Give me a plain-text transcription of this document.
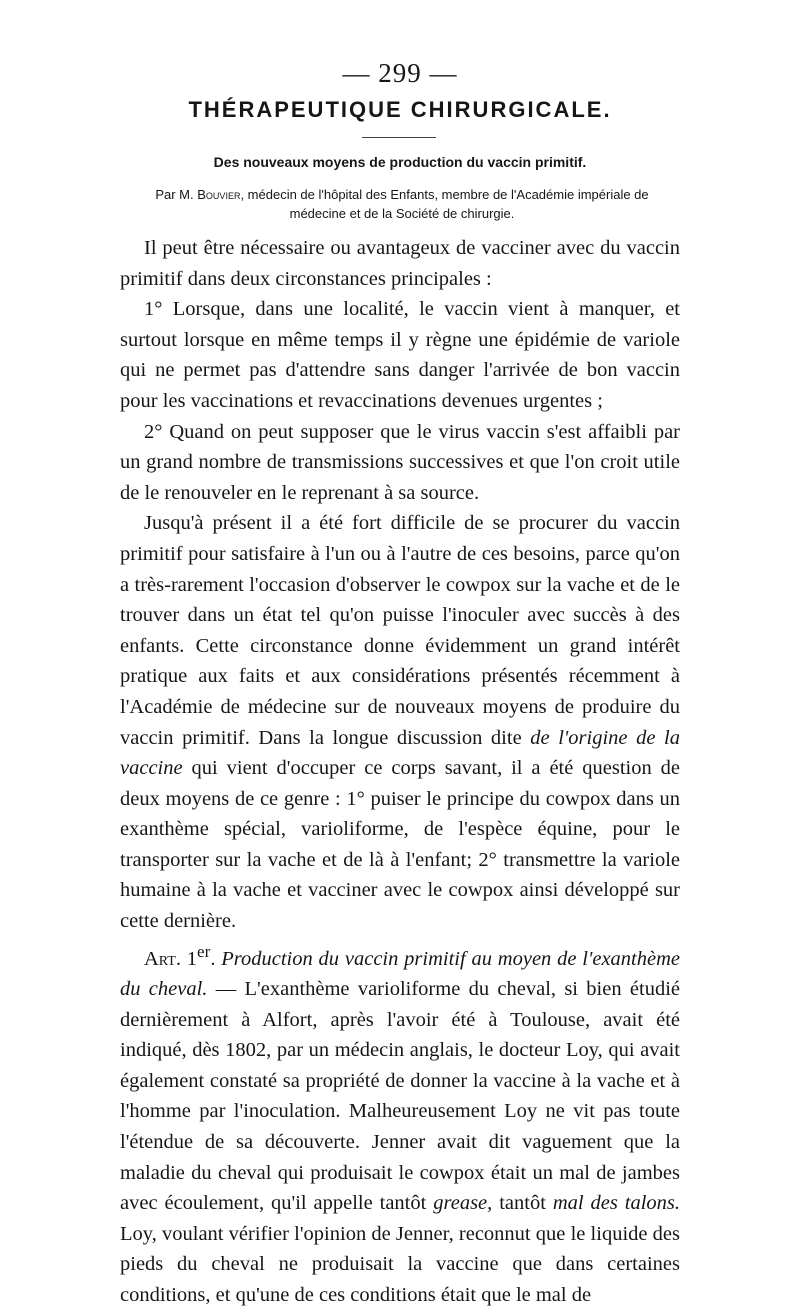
— 299 —
THÉRAPEUTIQUE CHIRURGICALE.
Des nouveaux moyens de production du vaccin primitif.
Par M. Bouvier, médecin de l'hôpital des Enfants, membre de l'Académie impériale de médecine et de la Société de chirurgie.

Il peut être nécessaire ou avantageux de vacciner avec du vaccin primitif dans deux circonstances principales :

1° Lorsque, dans une localité, le vaccin vient à manquer, et surtout lorsque en même temps il y règne une épidémie de variole qui ne permet pas d'attendre sans danger l'arrivée de bon vaccin pour les vaccinations et revaccinations devenues urgentes ;

2° Quand on peut supposer que le virus vaccin s'est affaibli par un grand nombre de transmissions successives et que l'on croit utile de le renouveler en le reprenant à sa source.

Jusqu'à présent il a été fort difficile de se procurer du vaccin primitif pour satisfaire à l'un ou à l'autre de ces besoins, parce qu'on a très-rarement l'occasion d'observer le cowpox sur la vache et de le trouver dans un état tel qu'on puisse l'inoculer avec succès à des enfants. Cette circonstance donne évidemment un grand intérêt pratique aux faits et aux considérations présentés récemment à l'Académie de médecine sur de nouveaux moyens de produire du vaccin primitif. Dans la longue discussion dite de l'origine de la vaccine qui vient d'occuper ce corps savant, il a été question de deux moyens de ce genre : 1° puiser le principe du cowpox dans un exanthème spécial, varioliforme, de l'espèce équine, pour le transporter sur la vache et de là à l'enfant; 2° transmettre la variole humaine à la vache et vacciner avec le cowpox ainsi développé sur cette dernière.

Art. 1er. Production du vaccin primitif au moyen de l'exanthème du cheval. — L'exanthème varioliforme du cheval, si bien étudié dernièrement à Alfort, après l'avoir été à Toulouse, avait été indiqué, dès 1802, par un médecin anglais, le docteur Loy, qui avait également constaté sa propriété de donner la vaccine à la vache et à l'homme par l'inoculation. Malheureusement Loy ne vit pas toute l'étendue de sa découverte. Jenner avait dit vaguement que la maladie du cheval qui produisait le cowpox était un mal de jambes avec écoulement, qu'il appelle tantôt grease, tantôt mal des talons. Loy, voulant vérifier l'opinion de Jenner, reconnut que le liquide des pieds du cheval ne produisait la vaccine que dans certaines conditions, et qu'une de ces conditions était que le mal de
